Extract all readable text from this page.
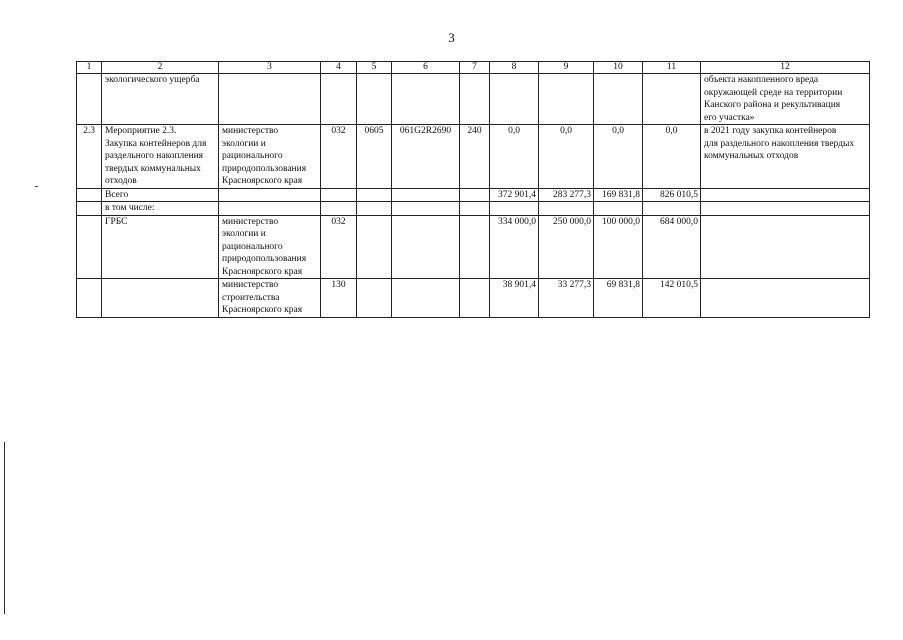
3
1	2	3	4	5	6	7	8	9	10	11	12
	экологического ущерба										объекта накопленного вреда
окружающей среде на территории
Канского района и рекультивация
его участка»
2.3	Мероприятие 2.3.
Закупка контейнеров для
раздельного накопления
твердых коммунальных
отходов	министерство
экологии и
рационального
природопользования
Красноярского края	032	0605	061G2R2690	240	0,0	0,0	0,0	0,0	в 2021 году закупка контейнеров
для раздельного накопления твердых
коммунальных отходов
	Всего						372 901,4	283 277,3	169 831,8	826 010,5	
	в том числе:										
	ГРБС	министерство
экологии и
рационального
природопользования
Красноярского края	032				334 000,0	250 000,0	100 000,0	684 000,0	
		министерство
строительства
Красноярского края	130				38 901,4	33 277,3	69 831,8	142 010,5	
